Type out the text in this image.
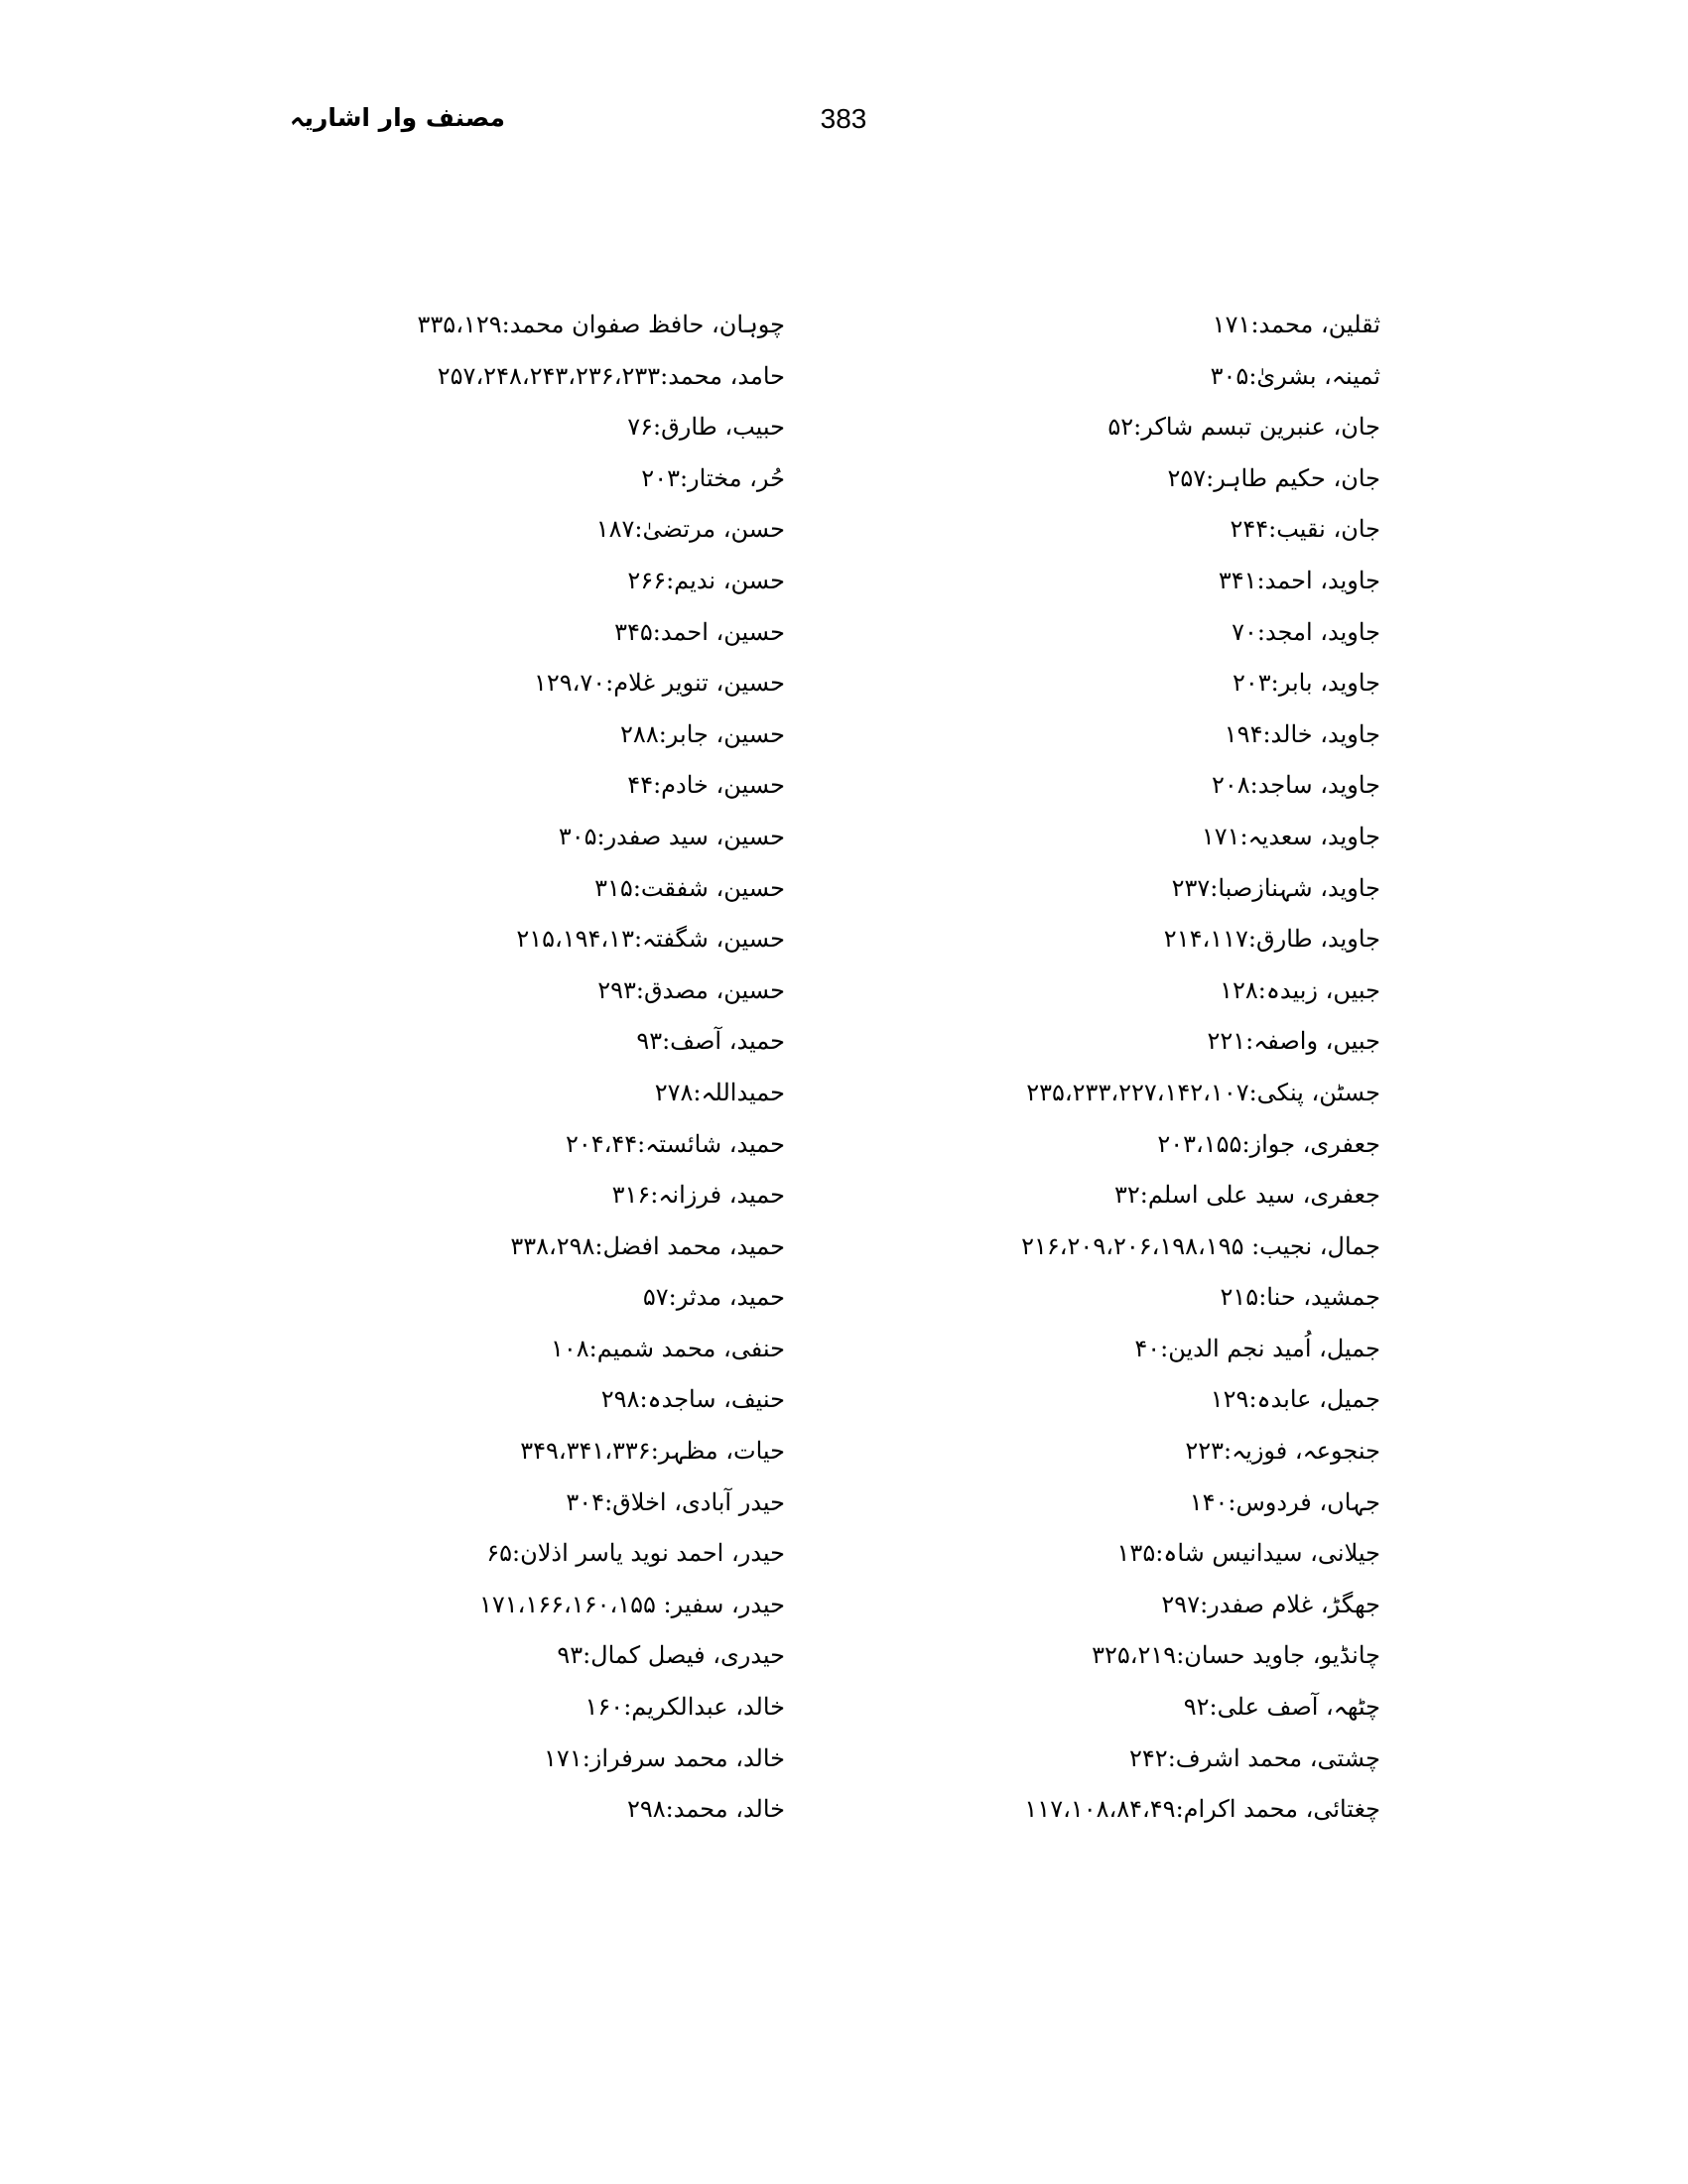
مصنف وار اشاریہ	383
ثقلین، محمد:۱۷۱
ثمینہ، بشریٰ:۳۰۵
جان، عنبرین تبسم شاکر:۵۲
جان، حکیم طاہر:۲۵۷
جان، نقیب:۲۴۴
جاوید، احمد:۳۴۱
جاوید، امجد:۷۰
جاوید، بابر:۲۰۳
جاوید، خالد:۱۹۴
جاوید، ساجد:۲۰۸
جاوید، سعدیہ:۱۷۱
جاوید، شہنازصبا:۲۳۷
جاوید، طارق:۲۱۴،۱۱۷
جبیں، زبیدہ:۱۲۸
جبیں، واصفہ:۲۲۱
جسٹن، پنکی:۲۳۵،۲۳۳،۲۲۷،۱۴۲،۱۰۷
جعفری، جواز:۲۰۳،۱۵۵
جعفری، سید علی اسلم:۳۲
جمال، نجیب: ۲۱۶،۲۰۹،۲۰۶،۱۹۸،۱۹۵
جمشید، حنا:۲۱۵
جمیل، اُمید نجم الدین:۴۰
جمیل، عابدہ:۱۲۹
جنجوعہ، فوزیہ:۲۲۳
جہاں، فردوس:۱۴۰
جیلانی، سیدانیس شاہ:۱۳۵
جھگڑ، غلام صفدر:۲۹۷
چانڈیو، جاوید حسان:۳۲۵،۲۱۹
چٹھہ، آصف علی:۹۲
چشتی، محمد اشرف:۲۴۲
چغتائی، محمد اکرام:۱۱۷،۱۰۸،۸۴،۴۹
چوہان، حافظ صفوان محمد:۳۳۵،۱۲۹
حامد، محمد:۲۵۷،۲۴۸،۲۴۳،۲۳۶،۲۳۳
حبیب، طارق:۷۶
حُر، مختار:۲۰۳
حسن، مرتضیٰ:۱۸۷
حسن، ندیم:۲۶۶
حسین، احمد:۳۴۵
حسین، تنویر غلام:۱۲۹،۷۰
حسین، جابر:۲۸۸
حسین، خادم:۴۴
حسین، سید صفدر:۳۰۵
حسین، شفقت:۳۱۵
حسین، شگفتہ:۲۱۵،۱۹۴،۱۳
حسین، مصدق:۲۹۳
حمید، آصف:۹۳
حمیداللہ:۲۷۸
حمید، شائستہ:۲۰۴،۴۴
حمید، فرزانہ:۳۱۶
حمید، محمد افضل:۳۳۸،۲۹۸
حمید، مدثر:۵۷
حنفی، محمد شمیم:۱۰۸
حنیف، ساجدہ:۲۹۸
حیات، مظہر:۳۴۹،۳۴۱،۳۳۶
حیدر آبادی، اخلاق:۳۰۴
حیدر، احمد نوید یاسر اذلان:۶۵
حیدر، سفیر: ۱۷۱،۱۶۶،۱۶۰،۱۵۵
حیدری، فیصل کمال:۹۳
خالد، عبدالکریم:۱۶۰
خالد، محمد سرفراز:۱۷۱
خالد، محمد:۲۹۸
